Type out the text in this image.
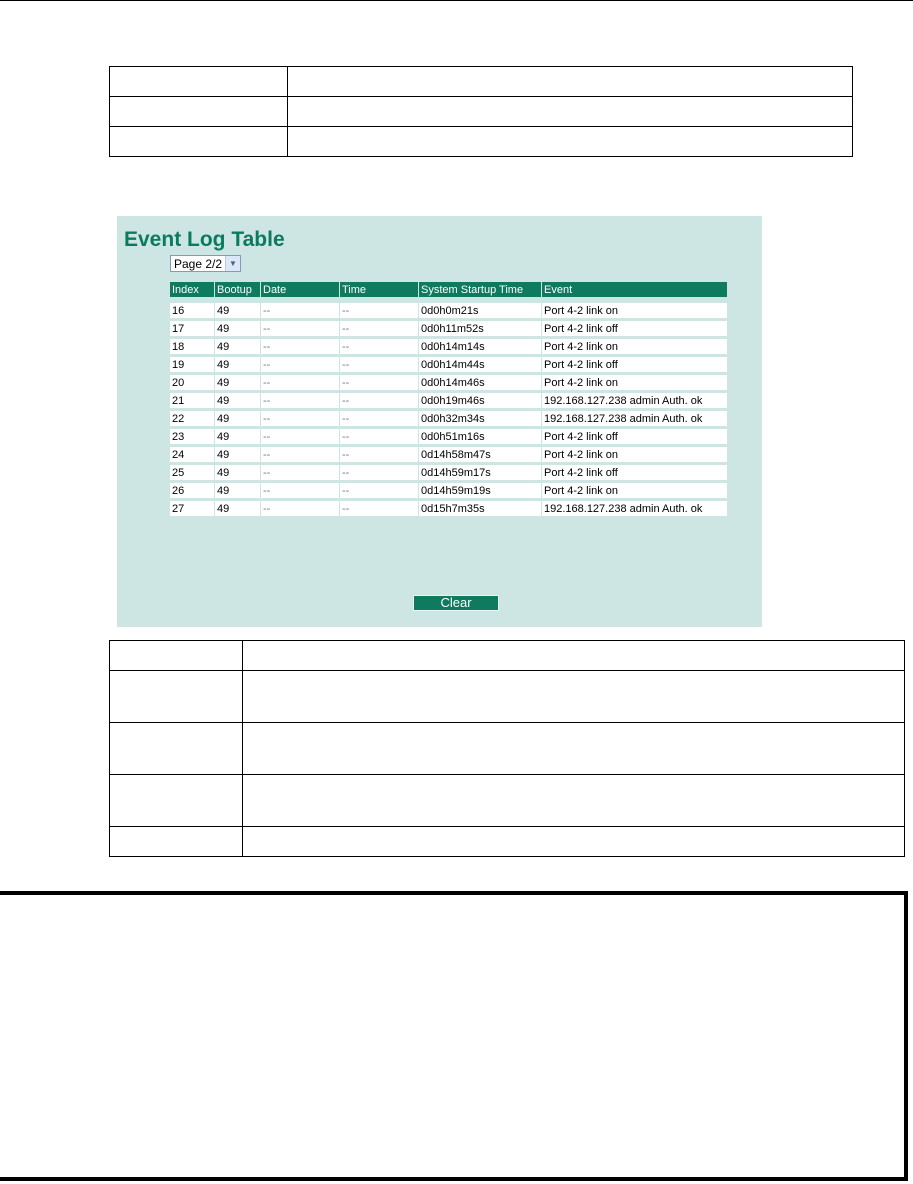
Event Log Table
Page 2/2 ▼
Index	Bootup	Date	Time	System Startup Time	Event

16	49	--	--	0d0h0m21s	Port 4-2 link on
17	49	--	--	0d0h11m52s	Port 4-2 link off
18	49	--	--	0d0h14m14s	Port 4-2 link on
19	49	--	--	0d0h14m44s	Port 4-2 link off
20	49	--	--	0d0h14m46s	Port 4-2 link on
21	49	--	--	0d0h19m46s	192.168.127.238 admin Auth. ok
22	49	--	--	0d0h32m34s	192.168.127.238 admin Auth. ok
23	49	--	--	0d0h51m16s	Port 4-2 link off
24	49	--	--	0d14h58m47s	Port 4-2 link on
25	49	--	--	0d14h59m17s	Port 4-2 link off
26	49	--	--	0d14h59m19s	Port 4-2 link on
27	49	--	--	0d15h7m35s	192.168.127.238 admin Auth. ok
Clear
